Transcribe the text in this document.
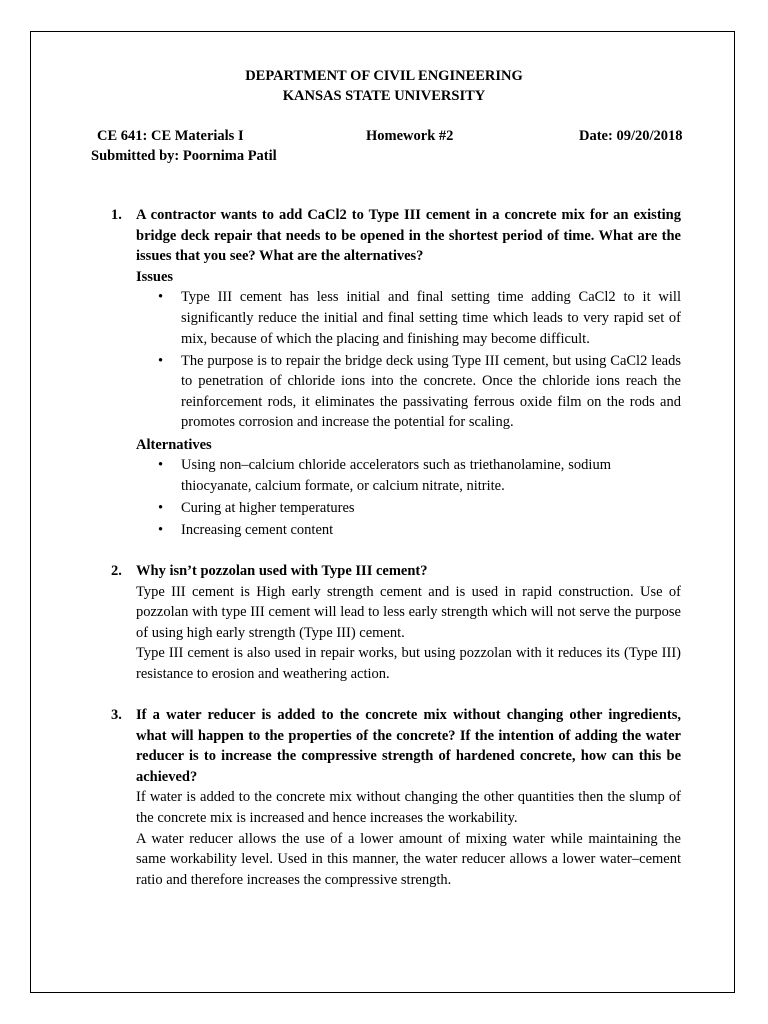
DEPARTMENT OF CIVIL ENGINEERING
KANSAS STATE UNIVERSITY
CE 641: CE Materials I	Homework #2	Date: 09/20/2018
Submitted by: Poornima Patil
1. A contractor wants to add CaCl2 to Type III cement in a concrete mix for an existing bridge deck repair that needs to be opened in the shortest period of time. What are the issues that you see? What are the alternatives?
Issues
• Type III cement has less initial and final setting time adding CaCl2 to it will significantly reduce the initial and final setting time which leads to very rapid set of mix, because of which the placing and finishing may become difficult.
• The purpose is to repair the bridge deck using Type III cement, but using CaCl2 leads to penetration of chloride ions into the concrete. Once the chloride ions reach the reinforcement rods, it eliminates the passivating ferrous oxide film on the rods and promotes corrosion and increase the potential for scaling.
Alternatives
• Using non–calcium chloride accelerators such as triethanolamine, sodium thiocyanate, calcium formate, or calcium nitrate, nitrite.
• Curing at higher temperatures
• Increasing cement content
2. Why isn’t pozzolan used with Type III cement?
Type III cement is High early strength cement and is used in rapid construction. Use of pozzolan with type III cement will lead to less early strength which will not serve the purpose of using high early strength (Type III) cement.
Type III cement is also used in repair works, but using pozzolan with it reduces its (Type III) resistance to erosion and weathering action.
3. If a water reducer is added to the concrete mix without changing other ingredients, what will happen to the properties of the concrete? If the intention of adding the water reducer is to increase the compressive strength of hardened concrete, how can this be achieved?
If water is added to the concrete mix without changing the other quantities then the slump of the concrete mix is increased and hence increases the workability.
A water reducer allows the use of a lower amount of mixing water while maintaining the same workability level. Used in this manner, the water reducer allows a lower water–cement ratio and therefore increases the compressive strength.
